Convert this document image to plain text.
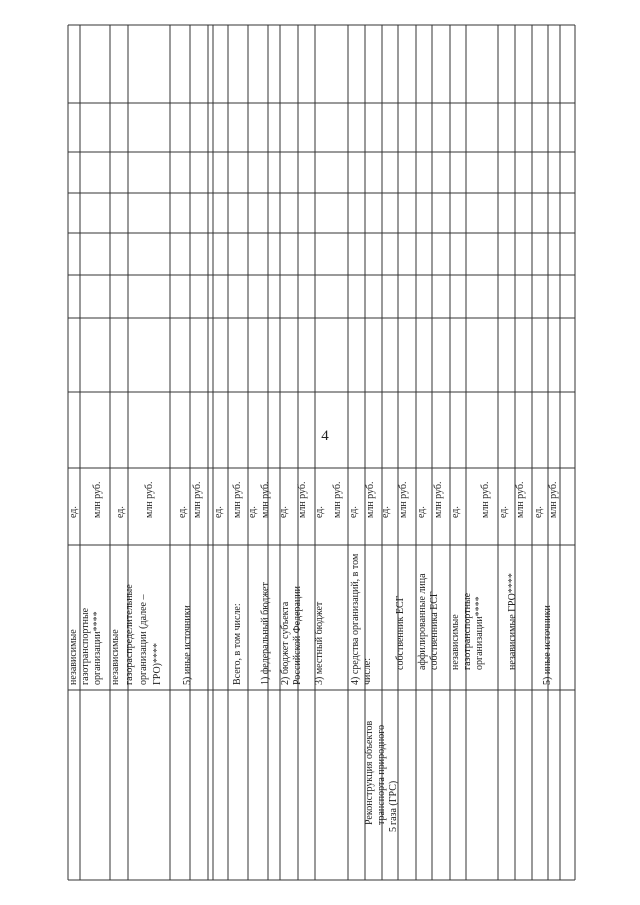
4
5
Реконструкция объектов транспорта природного газа (ГРС)
независимые газотранспортные организации****
ед. млн руб.
независимые газораспределительные организации (далее – ГРО)****
ед. млн руб.
5) иные источники
ед. млн руб.
Всего, в том числе:
ед. млн руб.
1) федеральный бюджет
ед. млн руб.
2) бюджет субъекта Российской Федерации
ед. млн руб.
3) местный бюджет
ед. млн руб.
4) средства организаций, в том числе:
ед. млн руб.
собственник ЕСГ
ед. млн руб.
аффилированные лица собственника ЕСГ
ед. млн руб.
независимые газотранспортные организации****
ед. млн руб.
независимые ГРО****
ед. млн руб.
5) иные источники
ед. млн руб.
